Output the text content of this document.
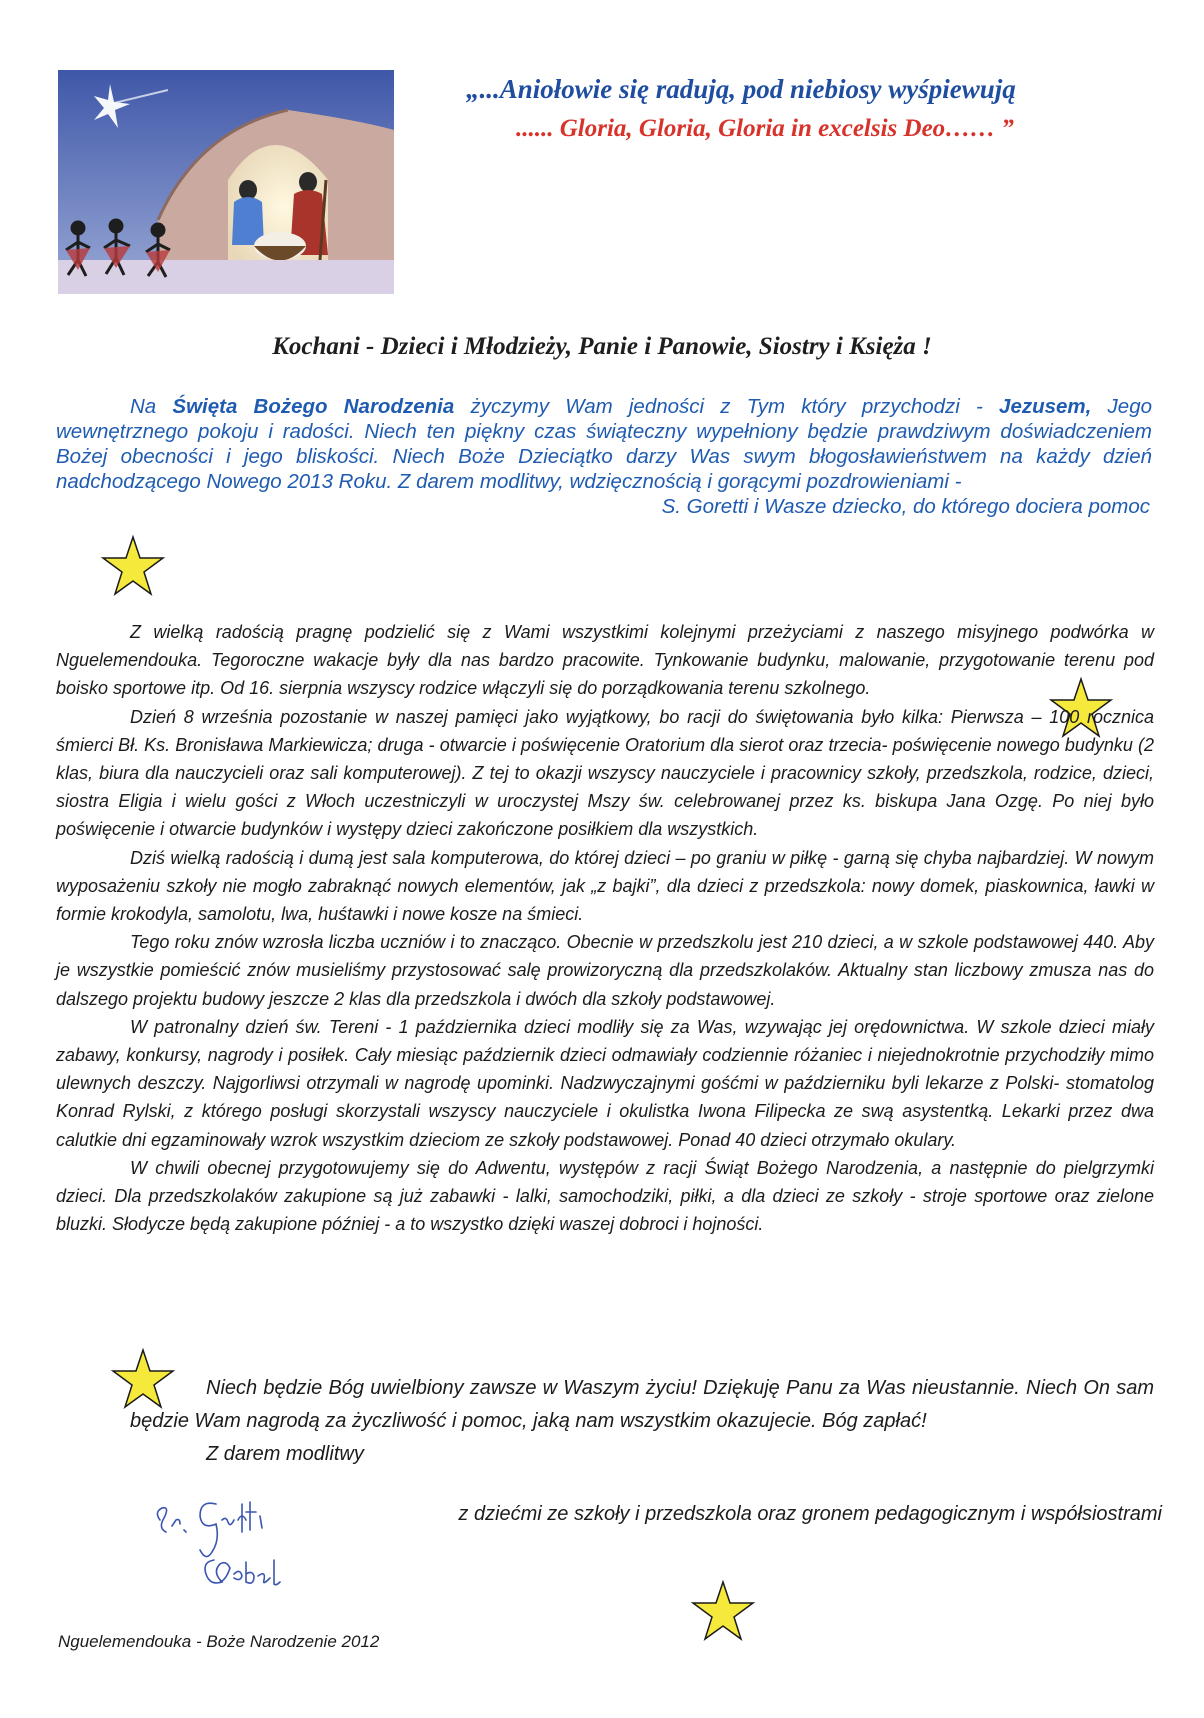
„...Aniołowie się radują, pod niebiosy wyśpiewują
...... Gloria, Gloria, Gloria in excelsis Deo…… ”
Kochani - Dzieci i Młodzieży, Panie i Panowie, Siostry i Księża !
Na Święta Bożego Narodzenia życzymy Wam jedności z Tym który przychodzi - Jezusem, Jego wewnętrznego pokoju i radości. Niech ten piękny czas świąteczny wypełniony będzie prawdziwym doświadczeniem Bożej obecności i jego bliskości. Niech Boże Dzieciątko darzy Was swym błogosławieństwem na każdy dzień nadchodzącego Nowego 2013 Roku. Z darem modlitwy, wdzięcznością i gorącymi pozdrowieniami -
S. Goretti i Wasze dziecko, do którego dociera pomoc

Z wielką radością pragnę podzielić się z Wami wszystkimi kolejnymi przeżyciami z naszego misyjnego podwórka w Nguelemendouka. Tegoroczne wakacje były dla nas bardzo pracowite. Tynkowanie budynku, malowanie, przygotowanie terenu pod boisko sportowe itp. Od 16. sierpnia wszyscy rodzice włączyli się do porządkowania terenu szkolnego.

Dzień 8 września pozostanie w naszej pamięci jako wyjątkowy, bo racji do świętowania było kilka: Pierwsza – 100 rocznica śmierci Bł. Ks. Bronisława Markiewicza; druga - otwarcie i poświęcenie Oratorium dla sierot oraz trzecia- poświęcenie nowego budynku (2 klas, biura dla nauczycieli oraz sali komputerowej). Z tej to okazji wszyscy nauczyciele i pracownicy szkoły, przedszkola, rodzice, dzieci, siostra Eligia i wielu gości z Włoch uczestniczyli w uroczystej Mszy św. celebrowanej przez ks. biskupa Jana Ozgę. Po niej było poświęcenie i otwarcie budynków i występy dzieci zakończone posiłkiem dla wszystkich.

Dziś wielką radością i dumą jest sala komputerowa, do której dzieci – po graniu w piłkę - garną się chyba najbardziej. W nowym wyposażeniu szkoły nie mogło zabraknąć nowych elementów, jak „z bajki”, dla dzieci z przedszkola: nowy domek, piaskownica, ławki w formie krokodyla, samolotu, lwa, huśtawki i nowe kosze na śmieci.

Tego roku znów wzrosła liczba uczniów i to znacząco. Obecnie w przedszkolu jest 210 dzieci, a w szkole podstawowej 440. Aby je wszystkie pomieścić znów musieliśmy przystosować salę prowizoryczną dla przedszkolaków. Aktualny stan liczbowy zmusza nas do dalszego projektu budowy jeszcze 2 klas dla przedszkola i dwóch dla szkoły podstawowej.

W patronalny dzień św. Tereni - 1 października dzieci modliły się za Was, wzywając jej orędownictwa. W szkole dzieci miały zabawy, konkursy, nagrody i posiłek. Cały miesiąc październik dzieci odmawiały codziennie różaniec i niejednokrotnie przychodziły mimo ulewnych deszczy. Najgorliwsi otrzymali w nagrodę upominki. Nadzwyczajnymi gośćmi w październiku byli lekarze z Polski- stomatolog Konrad Rylski, z którego posługi skorzystali wszyscy nauczyciele i okulistka Iwona Filipecka ze swą asystentką. Lekarki przez dwa calutkie dni egzaminowały wzrok wszystkim dzieciom ze szkoły podstawowej. Ponad 40 dzieci otrzymało okulary.

W chwili obecnej przygotowujemy się do Adwentu, występów z racji Świąt Bożego Narodzenia, a następnie do pielgrzymki dzieci. Dla przedszkolaków zakupione są już zabawki - lalki, samochodziki, piłki, a dla dzieci ze szkoły - stroje sportowe oraz zielone bluzki. Słodycze będą zakupione później - a to wszystko dzięki waszej dobroci i hojności.

Niech będzie Bóg uwielbiony zawsze w Waszym życiu! Dziękuję Panu za Was nieustannie. Niech On sam będzie Wam nagrodą za życzliwość i pomoc, jaką nam wszystkim okazujecie. Bóg zapłać!

Z darem modlitwy

z dziećmi ze szkoły i przedszkola oraz gronem pedagogicznym i współsiostrami
Nguelemendouka - Boże Narodzenie 2012
